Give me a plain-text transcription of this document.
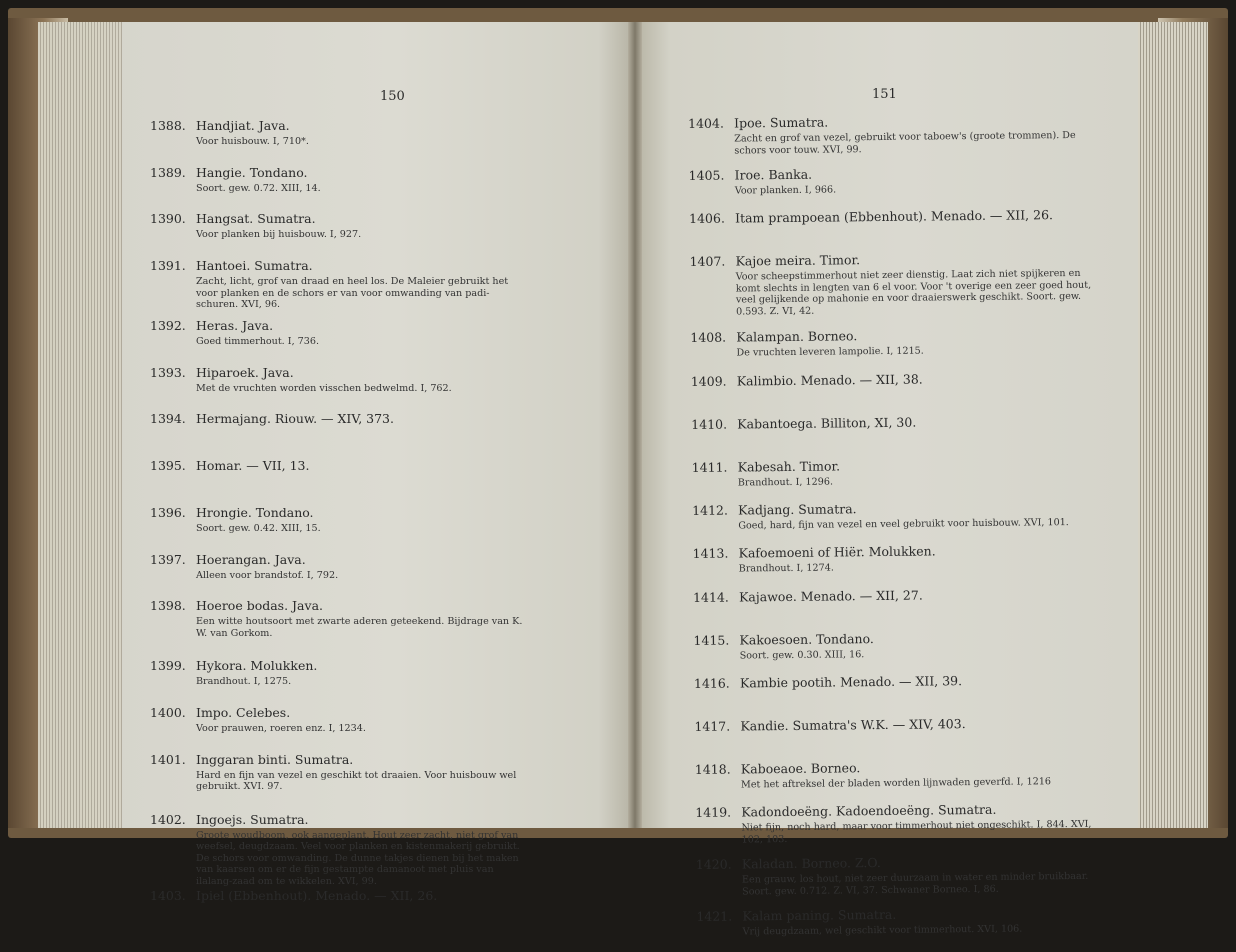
150	151
1388. Handjiat. Java.
Voor huisbouw. I, 710*.
1389. Hangie. Tondano.
Soort. gew. 0.72. XIII, 14.
1390. Hangsat. Sumatra.
Voor planken bij huisbouw. I, 927.
1391. Hantoei. Sumatra.
Zacht, licht, grof van draad en heel los. De Maleier gebruikt het voor planken en de schors er van voor omwanding van padi-schuren. XVI, 96.
1392. Heras. Java.
Goed timmerhout. I, 736.
1393. Hiparoek. Java.
Met de vruchten worden visschen bedwelmd. I, 762.
1394. Hermajang. Riouw. — XIV, 373.
1395. Homar. — VII, 13.
1396. Hrongie. Tondano.
Soort. gew. 0.42. XIII, 15.
1397. Hoerangan. Java.
Alleen voor brandstof. I, 792.
1398. Hoeroe bodas. Java.
Een witte houtsoort met zwarte aderen geteekend. Bijdrage van K. W. van Gorkom.
1399. Hykora. Molukken.
Brandhout. I, 1275.
1400. Impo. Celebes.
Voor prauwen, roeren enz. I, 1234.
1401. Inggaran binti. Sumatra.
Hard en fijn van vezel en geschikt tot draaien. Voor huisbouw wel gebruikt. XVI. 97.
1402. Ingoejs. Sumatra.
Groote woudboom, ook aangeplant. Hout zeer zacht, niet grof van weefsel, deugdzaam. Veel voor planken en kistenmakerij gebruikt. De schors voor omwanding. De dunne takjes dienen bij het maken van kaarsen om er de fijn gestampte damanoot met pluis van ilalang-zaad om te wikkelen. XVI, 99.
1403. Ipiel (Ebbenhout). Menado. — XII, 26.
1404. Ipoe. Sumatra.
Zacht en grof van vezel, gebruikt voor taboew's (groote trommen). De schors voor touw. XVI, 99.
1405. Iroe. Banka.
Voor planken. I, 966.
1406. Itam prampoean (Ebbenhout). Menado. — XII, 26.
1407. Kajoe meira. Timor.
Voor scheepstimmerhout niet zeer dienstig. Laat zich niet spijkeren en komt slechts in lengten van 6 el voor. Voor 't overige een zeer goed hout, veel gelijkende op mahonie en voor draaierswerk geschikt. Soort. gew. 0.593. Z. VI, 42.
1408. Kalampan. Borneo.
De vruchten leveren lampolie. I, 1215.
1409. Kalimbio. Menado. — XII, 38.
1410. Kabantoega. Billiton, XI, 30.
1411. Kabesah. Timor.
Brandhout. I, 1296.
1412. Kadjang. Sumatra.
Goed, hard, fijn van vezel en veel gebruikt voor huisbouw. XVI, 101.
1413. Kafoemoeni of Hiër. Molukken.
Brandhout. I, 1274.
1414. Kajawoe. Menado. — XII, 27.
1415. Kakoesoen. Tondano.
Soort. gew. 0.30. XIII, 16.
1416. Kambie pootih. Menado. — XII, 39.
1417. Kandie. Sumatra's W.K. — XIV, 403.
1418. Kaboeaoe. Borneo.
Met het aftreksel der bladen worden lijnwaden geverfd. I, 1216
1419. Kadondoeëng. Kadoendoeëng. Sumatra.
Niet fijn, noch hard, maar voor timmerhout niet ongeschikt. I, 844. XVI, 102, 103.
1420. Kaladan. Borneo. Z.O.
Een grauw, los hout, niet zeer duurzaam in water en minder bruikbaar. Soort. gew. 0.712. Z. VI, 37. Schwaner Borneo. I, 86.
1421. Kalam paning. Sumatra.
Vrij deugdzaam, wel geschikt voor timmerhout. XVI, 106.
